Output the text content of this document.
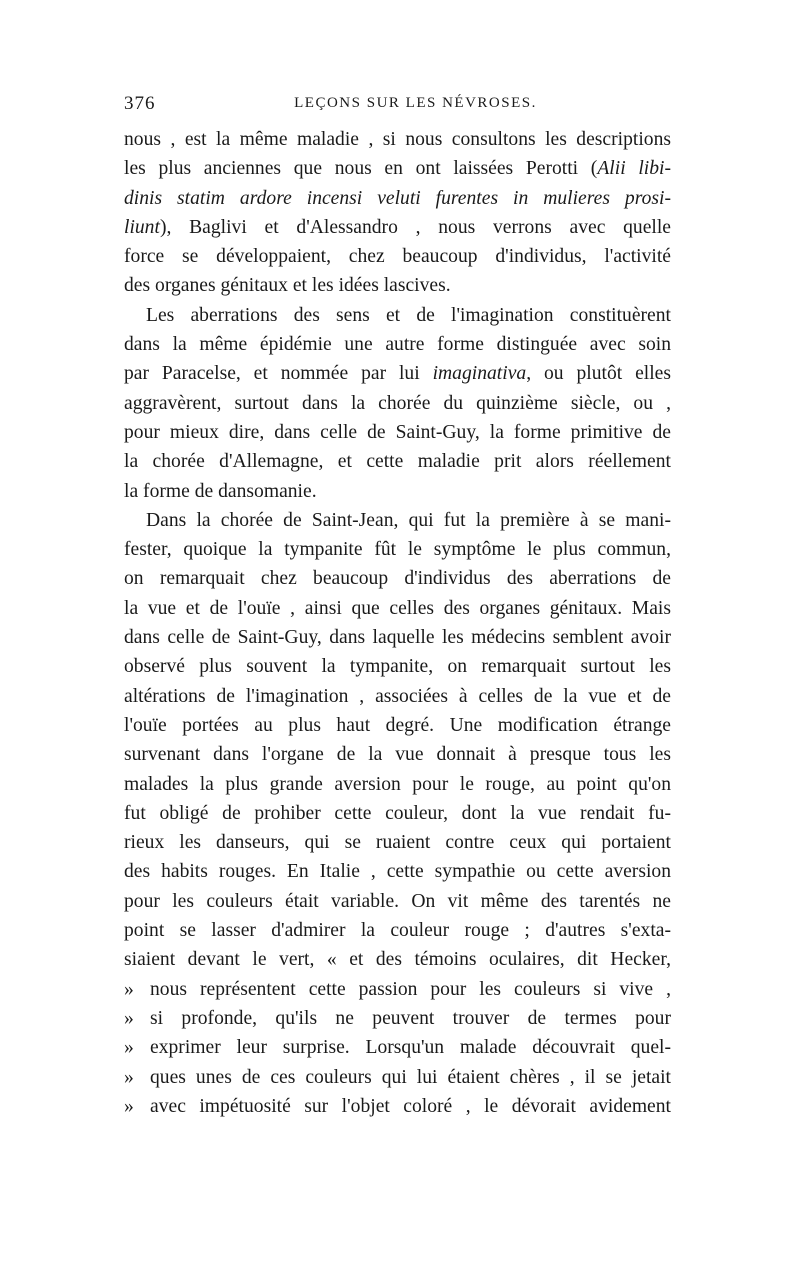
376	LEÇONS SUR LES NÉVROSES.
nous , est la même maladie , si nous consultons les descriptions
les plus anciennes que nous en ont laissées Perotti (Alii libi-
dinis statim ardore incensi veluti furentes in mulieres prosi-
liunt), Baglivi et d'Alessandro , nous verrons avec quelle
force se développaient, chez beaucoup d'individus, l'activité
des organes génitaux et les idées lascives.
Les aberrations des sens et de l'imagination constituèrent
dans la même épidémie une autre forme distinguée avec soin
par Paracelse, et nommée par lui imaginativa, ou plutôt elles
aggravèrent, surtout dans la chorée du quinzième siècle, ou ,
pour mieux dire, dans celle de Saint-Guy, la forme primitive de
la chorée d'Allemagne, et cette maladie prit alors réellement
la forme de dansomanie.
Dans la chorée de Saint-Jean, qui fut la première à se mani-
fester, quoique la tympanite fût le symptôme le plus commun,
on remarquait chez beaucoup d'individus des aberrations de
la vue et de l'ouïe , ainsi que celles des organes génitaux. Mais
dans celle de Saint-Guy, dans laquelle les médecins semblent avoir
observé plus souvent la tympanite, on remarquait surtout les
altérations de l'imagination , associées à celles de la vue et de
l'ouïe portées au plus haut degré. Une modification étrange
survenant dans l'organe de la vue donnait à presque tous les
malades la plus grande aversion pour le rouge, au point qu'on
fut obligé de prohiber cette couleur, dont la vue rendait fu-
rieux les danseurs, qui se ruaient contre ceux qui portaient
des habits rouges. En Italie , cette sympathie ou cette aversion
pour les couleurs était variable. On vit même des tarentés ne
point se lasser d'admirer la couleur rouge ; d'autres s'exta-
siaient devant le vert, « et des témoins oculaires, dit Hecker,
» nous représentent cette passion pour les couleurs si vive ,
» si profonde, qu'ils ne peuvent trouver de termes pour
» exprimer leur surprise. Lorsqu'un malade découvrait quel-
» ques unes de ces couleurs qui lui étaient chères , il se jetait
» avec impétuosité sur l'objet coloré , le dévorait avidement
